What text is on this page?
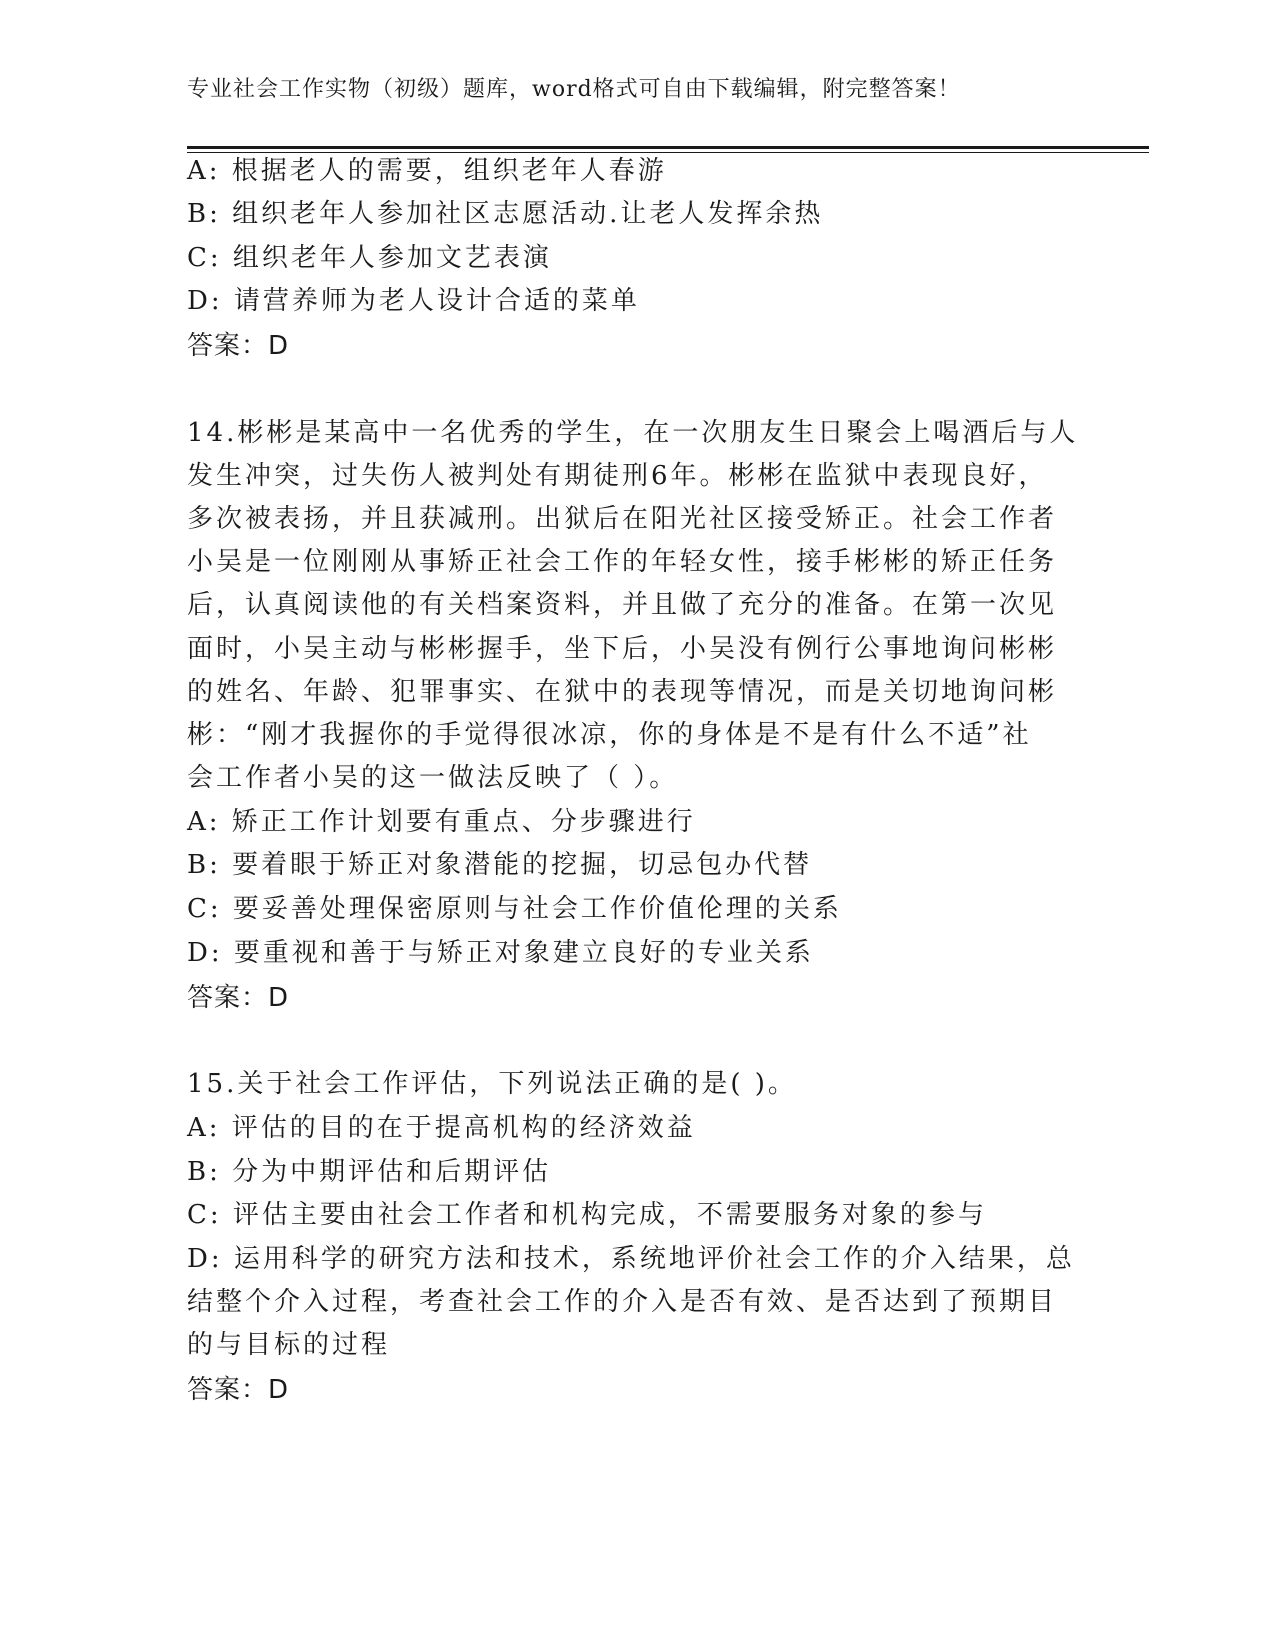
专业社会工作实物（初级）题库，word格式可自由下载编辑，附完整答案！
A: 根据老人的需要，组织老年人春游
B: 组织老年人参加社区志愿活动.让老人发挥余热
C: 组织老年人参加文艺表演
D: 请营养师为老人设计合适的菜单
答案：D
14.彬彬是某高中一名优秀的学生，在一次朋友生日聚会上喝酒后与人
发生冲突，过失伤人被判处有期徒刑6年。彬彬在监狱中表现良好，
多次被表扬，并且获减刑。出狱后在阳光社区接受矫正。社会工作者
小吴是一位刚刚从事矫正社会工作的年轻女性，接手彬彬的矫正任务
后，认真阅读他的有关档案资料，并且做了充分的准备。在第一次见
面时，小吴主动与彬彬握手，坐下后，小吴没有例行公事地询问彬彬
的姓名、年龄、犯罪事实、在狱中的表现等情况，而是关切地询问彬
彬：“刚才我握你的手觉得很冰凉，你的身体是不是有什么不适”社
会工作者小吴的这一做法反映了（ ）。
A: 矫正工作计划要有重点、分步骤进行
B: 要着眼于矫正对象潜能的挖掘，切忌包办代替
C: 要妥善处理保密原则与社会工作价值伦理的关系
D: 要重视和善于与矫正对象建立良好的专业关系
答案：D
15.关于社会工作评估，下列说法正确的是( )。
A: 评估的目的在于提高机构的经济效益
B: 分为中期评估和后期评估
C: 评估主要由社会工作者和机构完成，不需要服务对象的参与
D: 运用科学的研究方法和技术，系统地评价社会工作的介入结果，总
结整个介入过程，考查社会工作的介入是否有效、是否达到了预期目
的与目标的过程
答案：D
